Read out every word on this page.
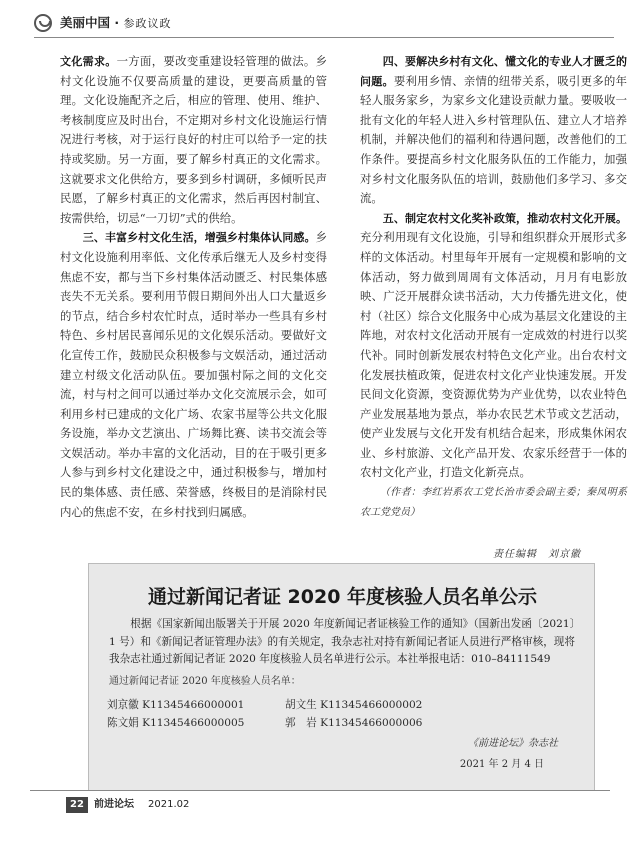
美丽中国 · 参政议政

文化需求。一方面，要改变重建设轻管理的做法。乡村文化设施不仅要高质量的建设，更要高质量的管理。文化设施配齐之后，相应的管理、使用、维护、考核制度应及时出台，不定期对乡村文化设施运行情况进行考核，对于运行良好的村庄可以给予一定的扶持或奖励。另一方面，要了解乡村真正的文化需求。这就要求文化供给方，要多到乡村调研，多倾听民声民愿，了解乡村真正的文化需求，然后再因村制宜、按需供给，切忌“一刀切”式的供给。

三、丰富乡村文化生活，增强乡村集体认同感。乡村文化设施利用率低、文化传承后继无人及乡村变得焦虑不安，都与当下乡村集体活动匮乏、村民集体感丧失不无关系。要利用节假日期间外出人口大量返乡的节点，结合乡村农忙时点，适时举办一些具有乡村特色、乡村居民喜闻乐见的文化娱乐活动。要做好文化宣传工作，鼓励民众积极参与文娱活动，通过活动建立村级文化活动队伍。要加强村际之间的文化交流，村与村之间可以通过举办文化交流展示会，如可利用乡村已建成的文化广场、农家书屋等公共文化服务设施，举办文艺演出、广场舞比赛、读书交流会等文娱活动。举办丰富的文化活动，目的在于吸引更多人参与到乡村文化建设之中，通过积极参与，增加村民的集体感、责任感、荣誉感，终极目的是消除村民内心的焦虑不安，在乡村找到归属感。

四、要解决乡村有文化、懂文化的专业人才匮乏的问题。要利用乡情、亲情的纽带关系，吸引更多的年轻人服务家乡，为家乡文化建设贡献力量。要吸收一批有文化的年轻人进入乡村管理队伍、建立人才培养机制，并解决他们的福利和待遇问题，改善他们的工作条件。要提高乡村文化服务队伍的工作能力，加强对乡村文化服务队伍的培训，鼓励他们多学习、多交流。

五、制定农村文化奖补政策，推动农村文化开展。充分利用现有文化设施，引导和组织群众开展形式多样的文体活动。村里每年开展有一定规模和影响的文体活动，努力做到周周有文体活动，月月有电影放映、广泛开展群众读书活动，大力传播先进文化，使村（社区）综合文化服务中心成为基层文化建设的主阵地，对农村文化活动开展有一定成效的村进行以奖代补。同时创新发展农村特色文化产业。出台农村文化发展扶植政策，促进农村文化产业快速发展。开发民间文化资源，变资源优势为产业优势，以农业特色产业发展基地为景点，举办农民艺术节或文艺活动，使产业发展与文化开发有机结合起来，形成集休闲农业、乡村旅游、文化产品开发、农家乐经营于一体的农村文化产业，打造文化新亮点。

（作者：李红岩系农工党长治市委会副主委；秦凤明系农工党党员）

责任编辑　刘京徽
通过新闻记者证 2020 年度核验人员名单公示
根据《国家新闻出版署关于开展 2020 年度新闻记者证核验工作的通知》（国新出发函〔2021〕1 号）和《新闻记者证管理办法》的有关规定，我杂志社对持有新闻记者证人员进行严格审核，现将我杂志社通过新闻记者证 2020 年度核验人员名单进行公示。本社举报电话：010–84111549
通过新闻记者证 2020 年度核验人员名单：
刘京徽 K11345466000001	胡文生 K11345466000002
陈文娟 K11345466000005	郭　岩 K11345466000006
《前进论坛》杂志社
2021 年 2 月 4 日
22	前进论坛 2021.02
